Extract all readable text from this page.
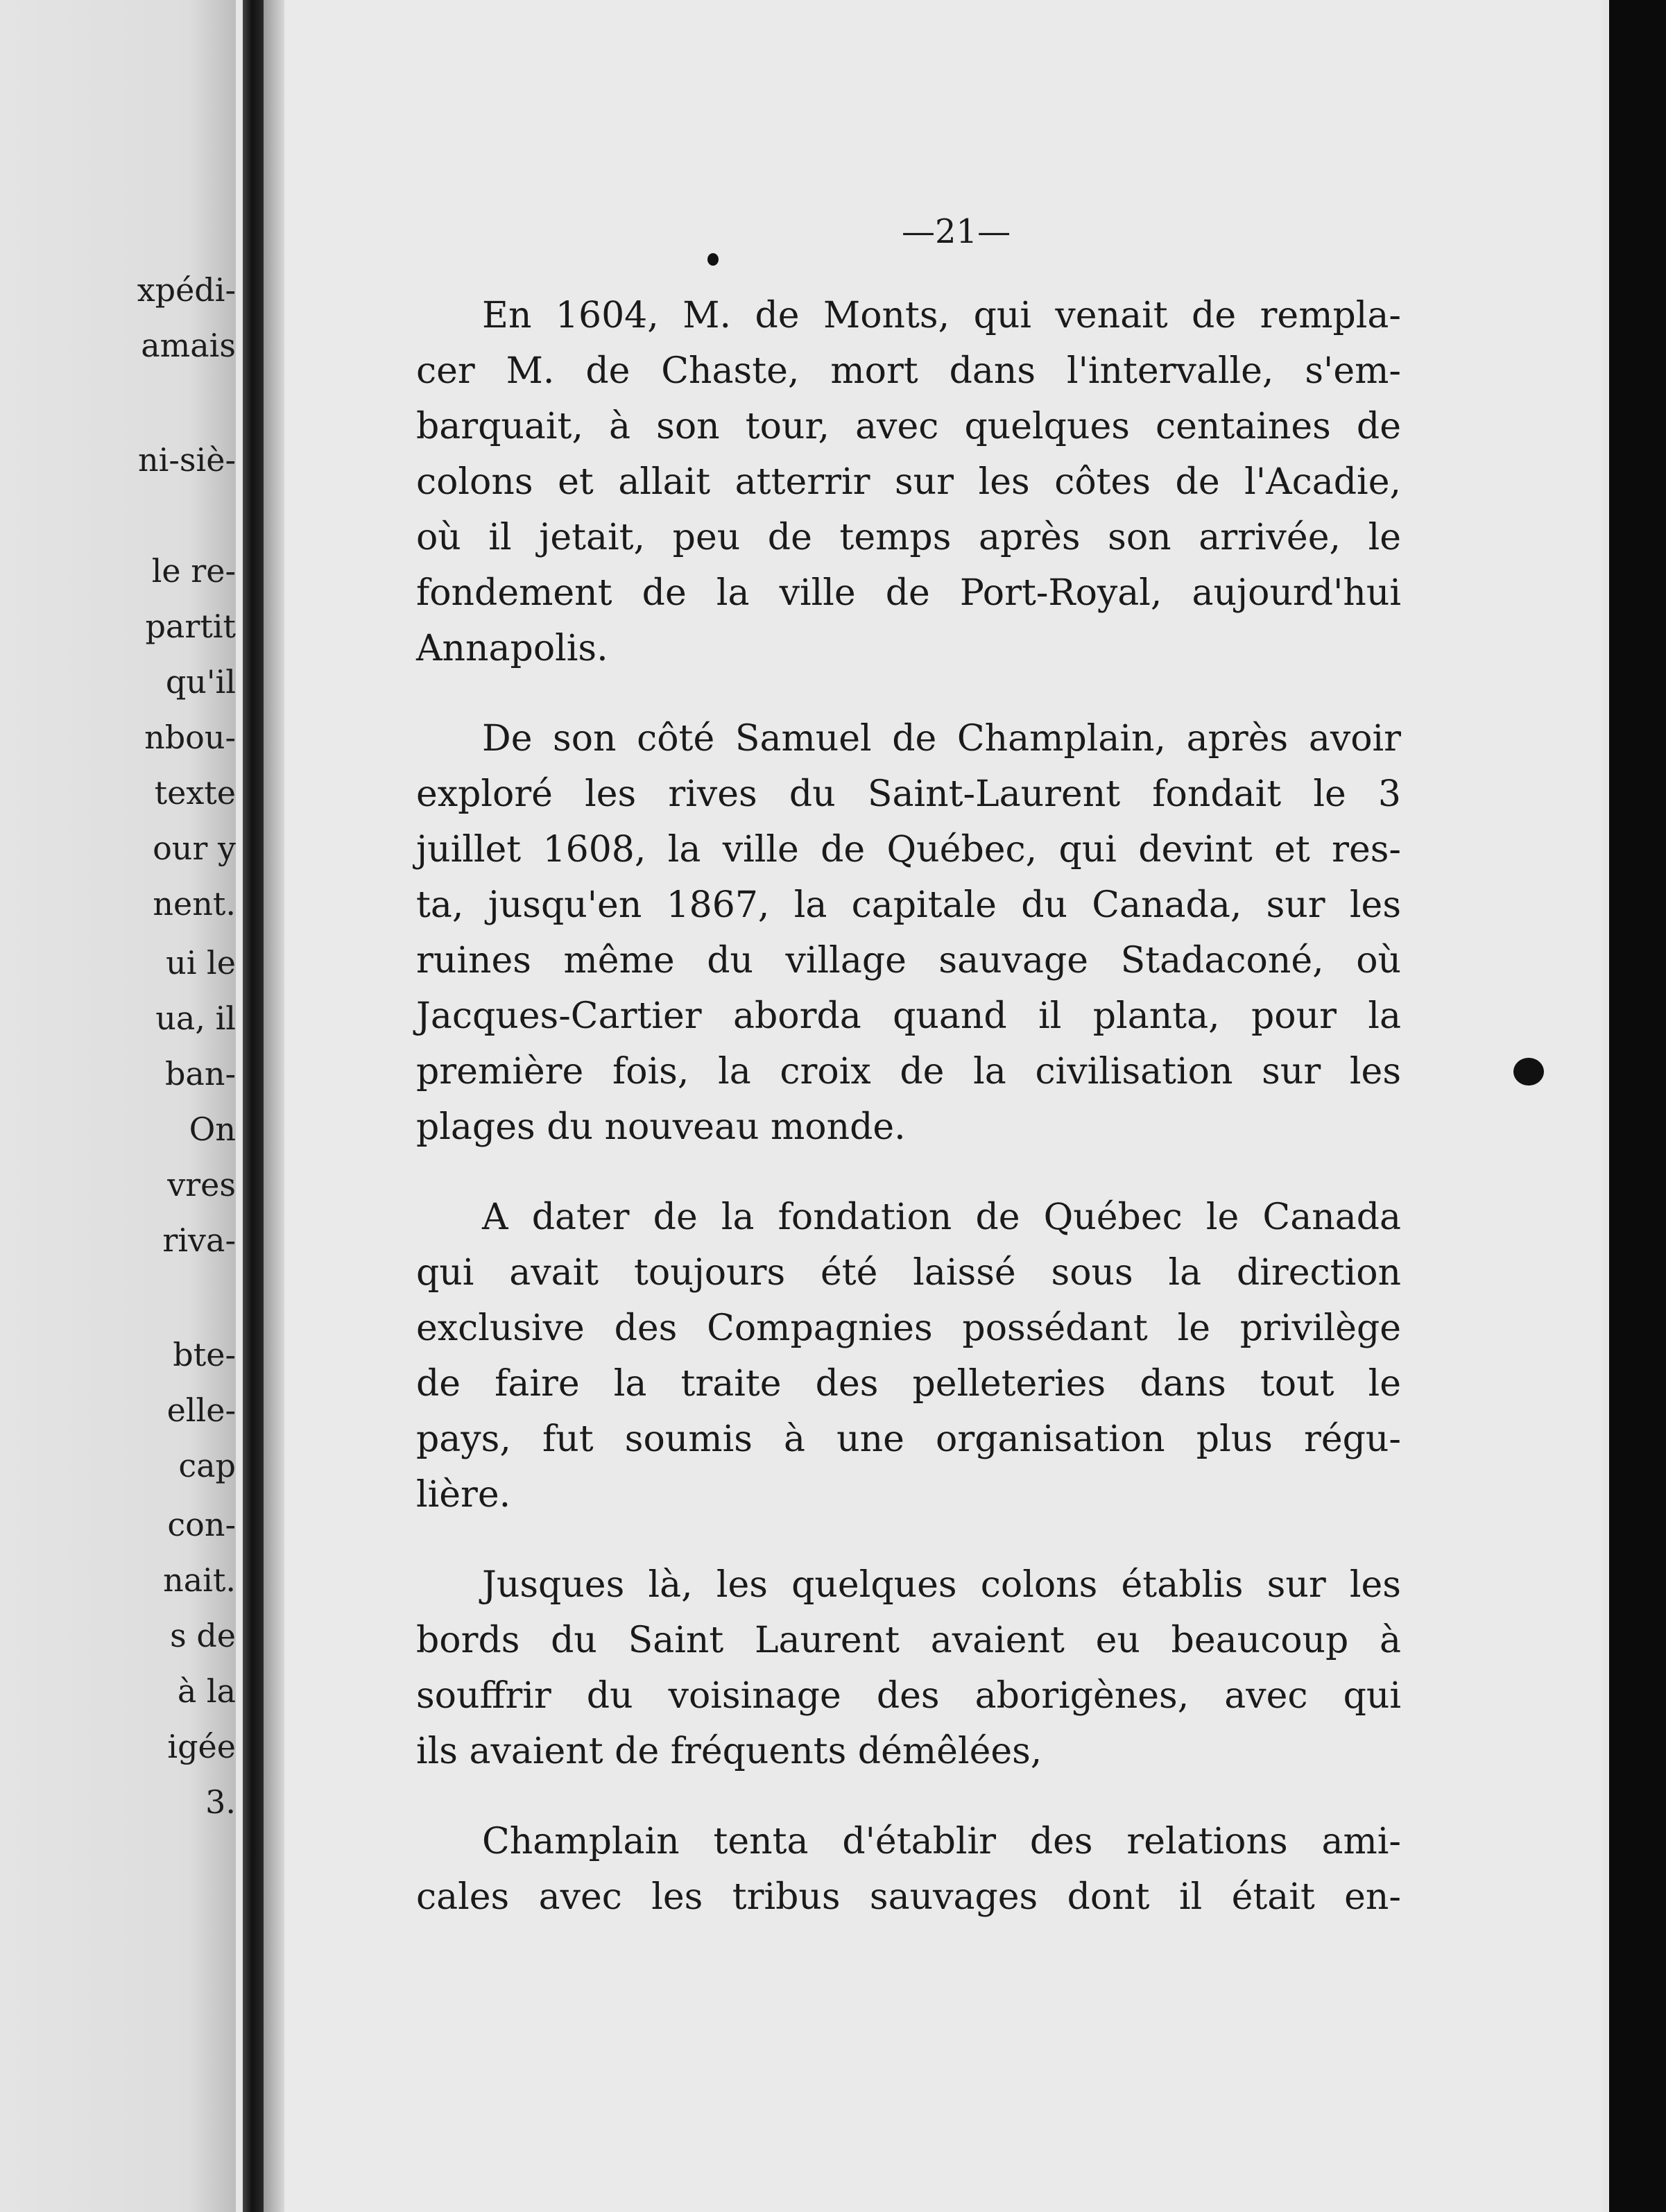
xpédi-

amais

ni-siè-

le re-

partit

qu'il

nbou-

texte

our y

nent.

ui le

ua, il

ban-

On

vres

riva-

bte-

elle-

cap

con-

nait.

s de

à la

igée

3.

—21—

En 1604, M. de Monts, qui venait de rempla-

cer M. de Chaste, mort dans l'intervalle, s'em-

barquait, à son tour, avec quelques centaines de

colons et allait atterrir sur les côtes de l'Acadie,

où il jetait, peu de temps après son arrivée, le

fondement de la ville de Port-Royal, aujourd'hui

Annapolis.

De son côté Samuel de Champlain, après avoir

exploré les rives du Saint-Laurent fondait le 3

juillet 1608, la ville de Québec, qui devint et res-

ta, jusqu'en 1867, la capitale du Canada, sur les

ruines même du village sauvage Stadaconé, où

Jacques-Cartier aborda quand il planta, pour la

première fois, la croix de la civilisation sur les

plages du nouveau monde.

A dater de la fondation de Québec le Canada

qui avait toujours été laissé sous la direction

exclusive des Compagnies possédant le privilège

de faire la traite des pelleteries dans tout le

pays, fut soumis à une organisation plus régu-

lière.

Jusques là, les quelques colons établis sur les

bords du Saint Laurent avaient eu beaucoup à

souffrir du voisinage des aborigènes, avec qui

ils avaient de fréquents démêlées,

Champlain tenta d'établir des relations ami-

cales avec les tribus sauvages dont il était en-
